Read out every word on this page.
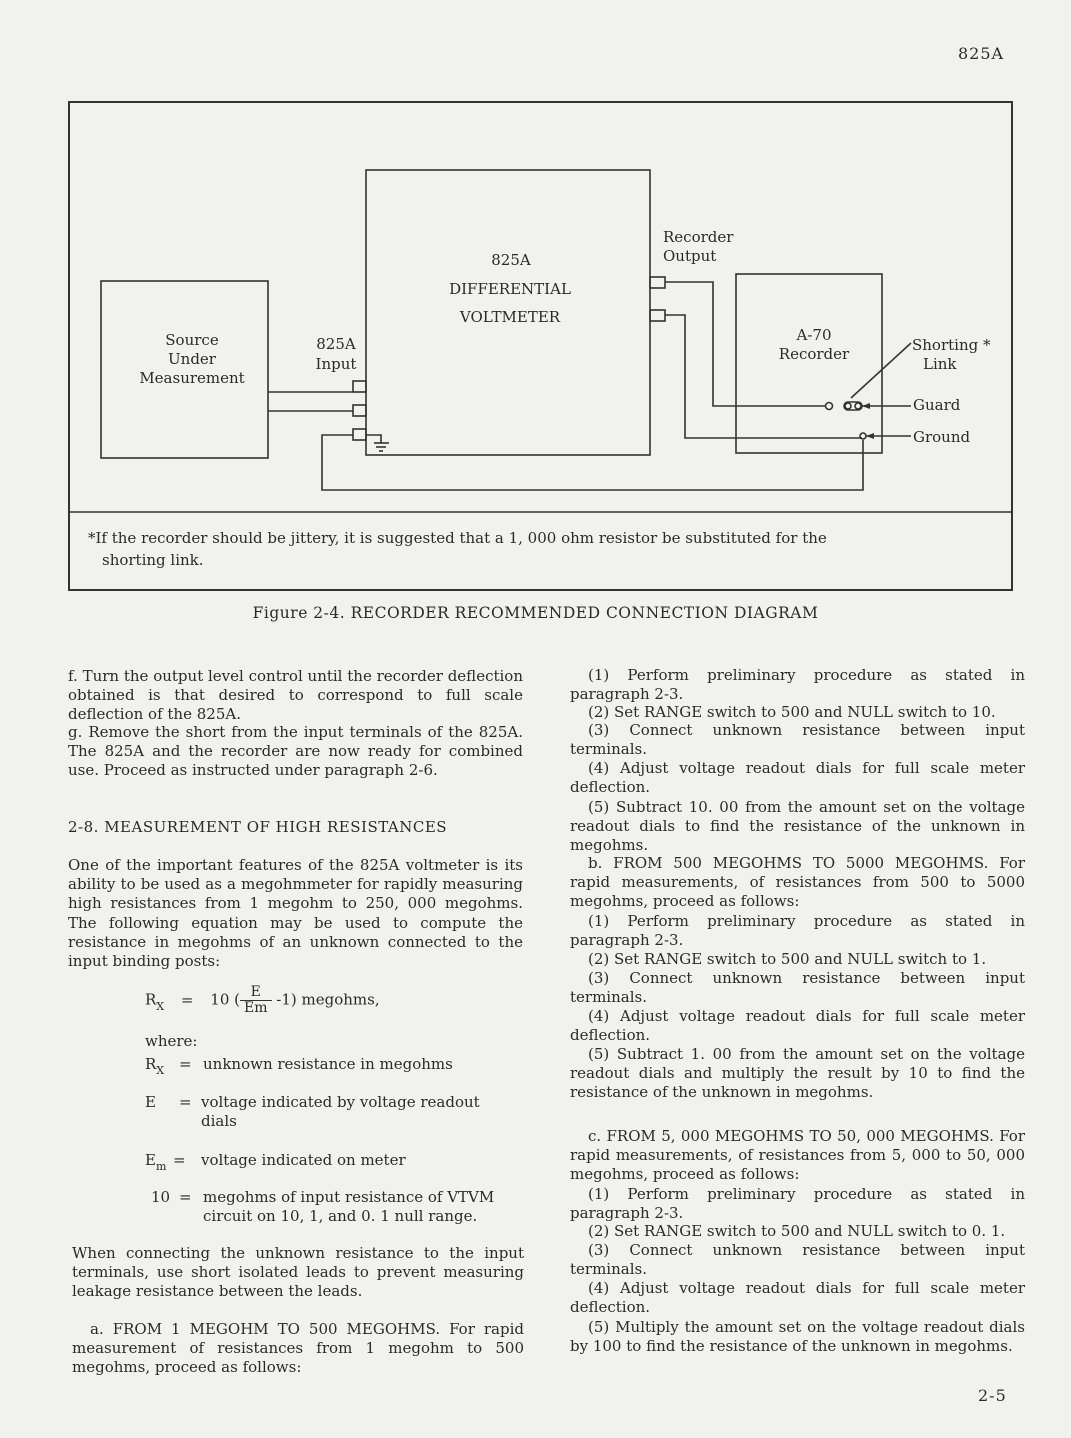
825A
825A
DIFFERENTIAL
VOLTMETER
Source
Under
Measurement
825A
Input
Recorder
Output
A-70
Recorder	Shorting *
Link
Guard
Ground
*If the recorder should be jittery, it is suggested that a 1, 000 ohm resistor be substituted for the
shorting link.
Figure 2-4. RECORDER RECOMMENDED CONNECTION DIAGRAM
f. Turn the output level control until the recorder deflection obtained is that desired to correspond to full scale deflection of the 825A.
g. Remove the short from the input terminals of the 825A. The 825A and the recorder are now ready for combined use. Proceed as instructed under paragraph 2-6.
2-8. MEASUREMENT OF HIGH RESISTANCES
One of the important features of the 825A voltmeter is its ability to be used as a megohmmeter for rapidly measuring high resistances from 1 megohm to 250, 000 megohms. The following equation may be used to compute the resistance in megohms of an unknown connected to the input binding posts:
$R_X = 10$ ( $\frac{E}{Em} -1$) megohms,
where:
$R_X$ = unknown resistance in megohms
E	= voltage indicated by voltage readout dials
$E_m$ = voltage indicated on meter
10 = megohms of input resistance of VTVM circuit on 10, 1, and 0. 1 null range.
When connecting the unknown resistance to the input terminals, use short isolated leads to prevent measuring leakage resistance between the leads.
a. FROM 1 MEGOHM TO 500 MEGOHMS. For rapid measurement of resistances from 1 megohm to 500 megohms, proceed as follows:
(1) Perform preliminary procedure as stated in paragraph 2-3.
(2) Set RANGE switch to 500 and NULL switch to 10.
(3) Connect unknown resistance between input terminals.
(4) Adjust voltage readout dials for full scale meter deflection.
(5) Subtract 10. 00 from the amount set on the voltage readout dials to find the resistance of the unknown in megohms.
b. FROM 500 MEGOHMS TO 5000 MEGOHMS. For rapid measurements, of resistances from 500 to 5000 megohms, proceed as follows:
(1) Perform preliminary procedure as stated in paragraph 2-3.
(2) Set RANGE switch to 500 and NULL switch to 1.
(3) Connect unknown resistance between input terminals.
(4) Adjust voltage readout dials for full scale meter deflection.
(5) Subtract 1. 00 from the amount set on the voltage readout dials and multiply the result by 10 to find the resistance of the unknown in megohms.
c. FROM 5, 000 MEGOHMS TO 50, 000 MEGOHMS. For rapid measurements, of resistances from 5, 000 to 50, 000 megohms, proceed as follows:
(1) Perform preliminary procedure as stated in paragraph 2-3.
(2) Set RANGE switch to 500 and NULL switch to 0. 1.
(3) Connect unknown resistance between input terminals.
(4) Adjust voltage readout dials for full scale meter deflection.
(5) Multiply the amount set on the voltage readout dials by 100 to find the resistance of the unknown in megohms.
2-5
